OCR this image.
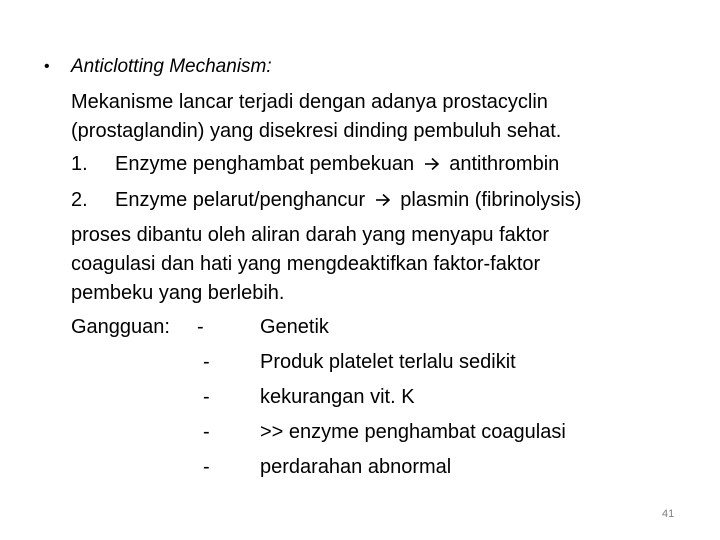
• Anticlotting Mechanism:
Mekanisme lancar terjadi dengan adanya prostacyclin
(prostaglandin) yang disekresi dinding pembuluh sehat.
1. Enzyme penghambat pembekuan antithrombin
2. Enzyme pelarut/penghancur plasmin (fibrinolysis)
proses dibantu oleh aliran darah yang menyapu faktor
coagulasi dan hati yang mengdeaktifkan faktor-faktor
pembeku yang berlebih.
Gangguan: -	Genetik
-	Produk platelet terlalu sedikit
-	kekurangan vit. K
-	>> enzyme penghambat coagulasi
-	perdarahan abnormal
41
